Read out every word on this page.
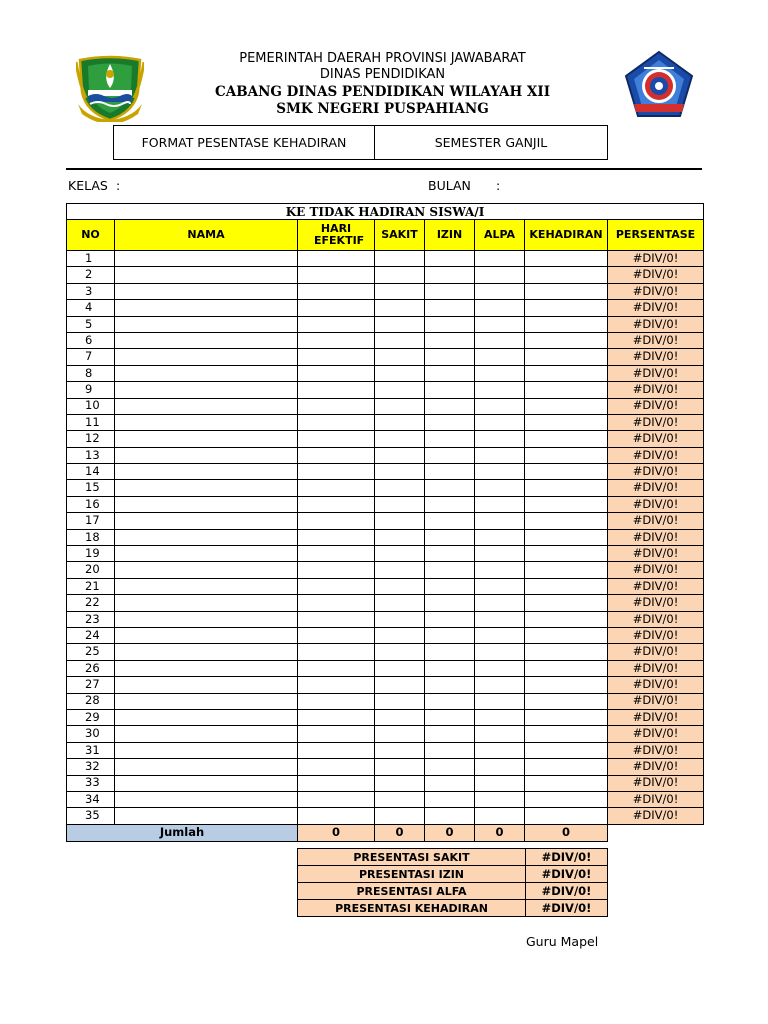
PEMERINTAH DAERAH PROVINSI JAWABARAT
DINAS PENDIDIKAN
CABANG DINAS PENDIDIKAN WILAYAH XII
SMK NEGERI PUSPAHIANG
FORMAT PESENTASE KEHADIRAN	SEMESTER GANJIL
KELAS :	BULAN :
KE TIDAK HADIRAN SISWA/I							
NO	NAMA	HARI EFEKTIF	SAKIT	IZIN	ALPA	KEHADIRAN	PERSENTASE
1							#DIV/0!
2							#DIV/0!
3							#DIV/0!
4							#DIV/0!
5							#DIV/0!
6							#DIV/0!
7							#DIV/0!
8							#DIV/0!
9							#DIV/0!
10							#DIV/0!
11							#DIV/0!
12							#DIV/0!
13							#DIV/0!
14							#DIV/0!
15							#DIV/0!
16							#DIV/0!
17							#DIV/0!
18							#DIV/0!
19							#DIV/0!
20							#DIV/0!
21							#DIV/0!
22							#DIV/0!
23							#DIV/0!
24							#DIV/0!
25							#DIV/0!
26							#DIV/0!
27							#DIV/0!
28							#DIV/0!
29							#DIV/0!
30							#DIV/0!
31							#DIV/0!
32							#DIV/0!
33							#DIV/0!
34							#DIV/0!
35							#DIV/0!
Jumlah		0	0	0	0	0	
PRESENTASI SAKIT	#DIV/0!
PRESENTASI IZIN	#DIV/0!
PRESENTASI ALFA	#DIV/0!
PRESENTASI KEHADIRAN	#DIV/0!
Guru Mapel
